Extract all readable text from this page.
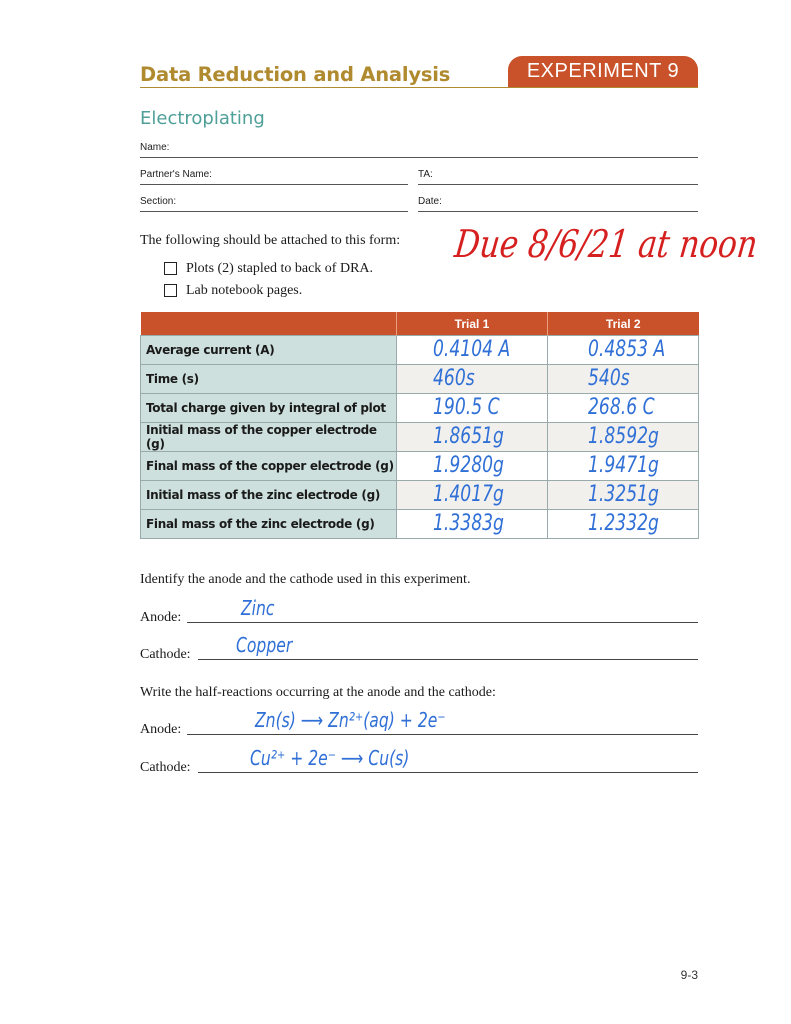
Data Reduction and Analysis	EXPERIMENT 9
Electroplating
Name:
Partner's Name:	TA:
Section:	Date:
The following should be attached to this form:
Plots (2) stapled to back of DRA.
Lab notebook pages.
Due 8/6/21 at noon
	Trial 1	Trial 2
Average current (A)	0.4104 A	0.4853 A

Time (s)	460s	540s

Total charge given by integral of plot	190.5 C	268.6 C

Initial mass of the copper electrode (g)	1.8651g	1.8592g

Final mass of the copper electrode (g)	1.9280g	1.9471g

Initial mass of the zinc electrode (g)	1.4017g	1.3251g

Final mass of the zinc electrode (g)	1.3383g	1.2332g
Identify the anode and the cathode used in this experiment.
Anode:	Zinc
Cathode: Copper
Write the half-reactions occurring at the anode and the cathode:
Anode:	Zn(s) ⟶ Zn²⁺(aq) + 2e⁻
Cathode:	Cu²⁺ + 2e⁻ ⟶ Cu(s)
9-3
